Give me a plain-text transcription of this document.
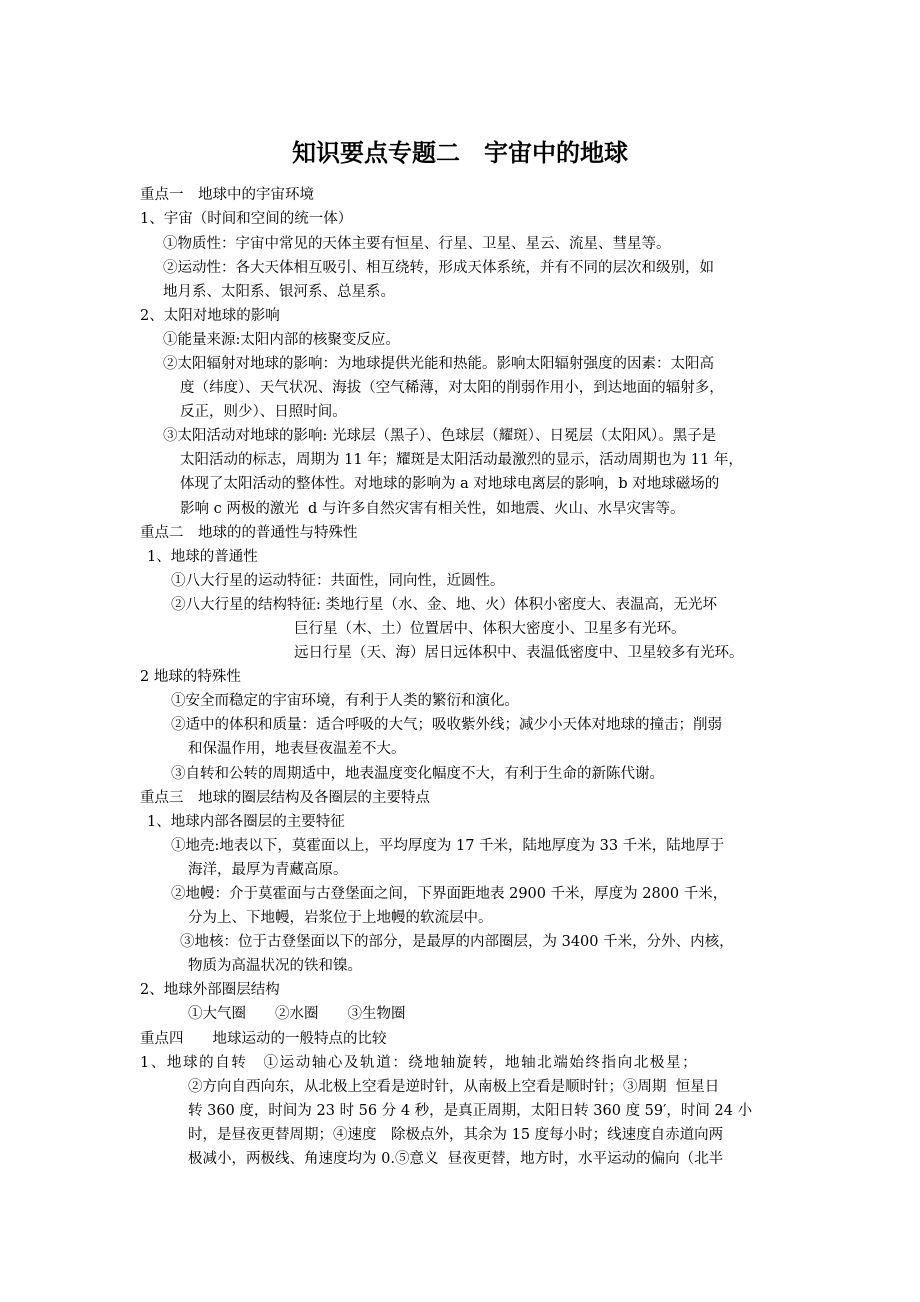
知识要点专题二　宇宙中的地球
重点一　地球中的宇宙环境
1、宇宙（时间和空间的统一体）
①物质性：宇宙中常见的天体主要有恒星、行星、卫星、星云、流星、彗星等。
②运动性：各大天体相互吸引、相互绕转，形成天体系统，并有不同的层次和级别，如
地月系、太阳系、银河系、总星系。
2、太阳对地球的影响
①能量来源:太阳内部的核聚变反应。
②太阳辐射对地球的影响：为地球提供光能和热能。影响太阳辐射强度的因素：太阳高
度（纬度）、天气状况、海拔（空气稀薄，对太阳的削弱作用小，到达地面的辐射多，
反正，则少）、日照时间。
③太阳活动对地球的影响: 光球层（黑子）、色球层（耀斑）、日冕层（太阳风）。黑子是
太阳活动的标志，周期为 11 年；耀斑是太阳活动最激烈的显示，活动周期也为 11 年，
体现了太阳活动的整体性。对地球的影响为 a 对地球电离层的影响，b 对地球磁场的
影响 c 两极的激光  d 与许多自然灾害有相关性，如地震、火山、水旱灾害等。
重点二　地球的的普通性与特殊性
1、地球的普通性
①八大行星的运动特征：共面性，同向性，近圆性。
②八大行星的结构特征: 类地行星（水、金、地、火）体积小密度大、表温高，无光坏
巨行星（木、土）位置居中、体积大密度小、卫星多有光环。
远日行星（天、海）居日远体积中、表温低密度中、卫星较多有光环。
2 地球的特殊性
①安全而稳定的宇宙环境，有利于人类的繁衍和演化。
②适中的体积和质量：适合呼吸的大气；吸收紫外线；减少小天体对地球的撞击；削弱
和保温作用，地表昼夜温差不大。
③自转和公转的周期适中，地表温度变化幅度不大，有利于生命的新陈代谢。
重点三　地球的圈层结构及各圈层的主要特点
1、地球内部各圈层的主要特征
①地壳:地表以下，莫霍面以上，平均厚度为 17 千米，陆地厚度为 33 千米，陆地厚于
海洋，最厚为青藏高原。
②地幔：介于莫霍面与古登堡面之间，下界面距地表 2900 千米，厚度为 2800 千米，
分为上、下地幔，岩浆位于上地幔的软流层中。
③地核：位于古登堡面以下的部分，是最厚的内部圈层，为 3400 千米，分外、内核，
物质为高温状况的铁和镍。
2、地球外部圈层结构
①大气圈　　②水圈　　③生物圈
重点四　　地球运动的一般特点的比较
1、地球的自转　①运动轴心及轨道：绕地轴旋转，地轴北端始终指向北极星；
②方向自西向东，从北极上空看是逆时针，从南极上空看是顺时针；③周期  恒星日
转 360 度，时间为 23 时 56 分 4 秒，是真正周期，太阳日转 360 度 59′，时间 24 小
时，是昼夜更替周期；④速度　除极点外，其余为 15 度每小时；线速度自赤道向两
极减小，两极线、角速度均为 0.⑤意义  昼夜更替，地方时，水平运动的偏向（北半
